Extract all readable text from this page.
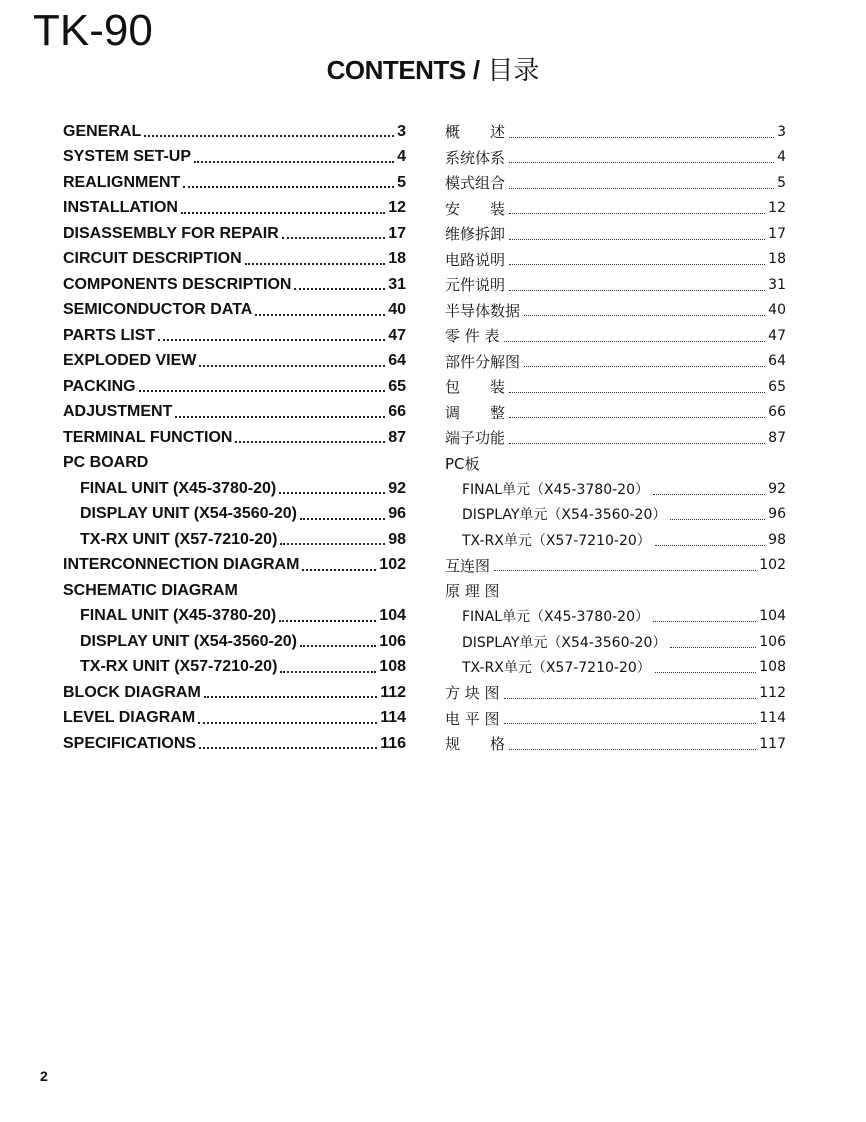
TK-90
CONTENTS / 目录
GENERAL	3
SYSTEM SET-UP	4
REALIGNMENT	5
INSTALLATION	12
DISASSEMBLY FOR REPAIR	17
CIRCUIT DESCRIPTION	18
COMPONENTS DESCRIPTION	31
SEMICONDUCTOR DATA	40
PARTS LIST	47
EXPLODED VIEW	64
PACKING	65
ADJUSTMENT	66
TERMINAL FUNCTION	87
PC BOARD
FINAL UNIT (X45-3780-20)	92
DISPLAY UNIT (X54-3560-20)	96
TX-RX UNIT (X57-7210-20)	98
INTERCONNECTION DIAGRAM	102
SCHEMATIC DIAGRAM
FINAL UNIT (X45-3780-20)	104
DISPLAY UNIT (X54-3560-20)	106
TX-RX UNIT (X57-7210-20)	108
BLOCK DIAGRAM	112
LEVEL DIAGRAM	114
SPECIFICATIONS	116
概　　述	3
系统体系	4
模式组合	5
安　　装	12
维修拆卸	17
电路说明	18
元件说明	31
半导体数据	40
零 件 表	47
部件分解图	64
包　　装	65
调　　整	66
端子功能	87
PC板
FINAL单元（X45-3780-20）	92
DISPLAY单元（X54-3560-20）	96
TX-RX单元（X57-7210-20）	98
互连图	102
原 理 图
FINAL单元（X45-3780-20）	104
DISPLAY单元（X54-3560-20）	106
TX-RX单元（X57-7210-20）	108
方 块 图	112
电 平 图	114
规　　格	117
2
